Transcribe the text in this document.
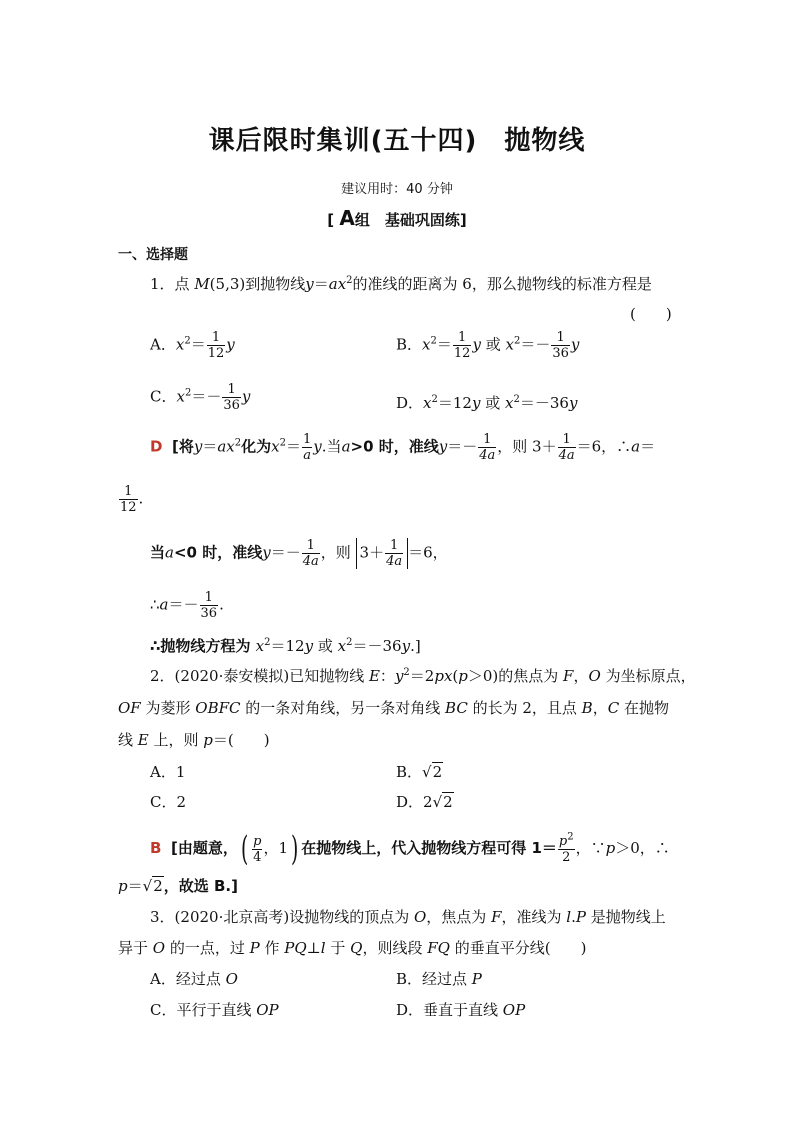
课后限时集训(五十四)　抛物线
建议用时：40 分钟
[ A组　基础巩固练]
一、选择题
1．点 M(5,3)到抛物线$y=ax^2$的准线的距离为 6，那么抛物线的标准方程是
(　　)
A．$x^2= \frac{1}{12}$ y	B．$x^2= \frac{1}{12}$ y 或 $x^2=- \frac{1}{36}$ y
C．$x^2=- \frac{1}{36}$ y	D．$x^2=12y$ 或 $x^2=-36y$
D [将$y=ax^2$化为$x^2= \frac{1}{a} y$.当a>0 时，准线$y=- \frac{1}{4a}$ ，则 $3+ \frac{1}{4a} =6$，∴a＝
$\frac{1}{12}$ .
当a<0 时，准线$y=- \frac{1}{4a}$ ，则 $3+ \frac{1}{4a} =6$，
∴a＝－ $\frac{1}{36}$ .
∴抛物线方程为 $x^2=12y$ 或 $x^2=-36y$.]
2．(2020·泰安模拟)已知抛物线 E：$y^2=2px(p>0)$的焦点为 F，O 为坐标原点，
OF 为菱形 OBFC 的一条对角线，另一条对角线 BC 的长为 2，且点 B，C 在抛物
线 E 上，则 p＝(　　)
A．1	B．√2
C．2	D．2√2
B [由题意，( $\frac{p}{4}$ ，1) 在抛物线上，代入抛物线方程可得 $1= \frac{p^2}{2}$ ，∵p＞0，∴
p＝√2，故选 B.]
3．(2020·北京高考)设抛物线的顶点为 O，焦点为 F，准线为 l.P 是抛物线上
异于 O 的一点，过 P 作 PQ⊥l 于 Q，则线段 FQ 的垂直平分线(　　)
A．经过点 O	B．经过点 P
C．平行于直线 OP	D．垂直于直线 OP
